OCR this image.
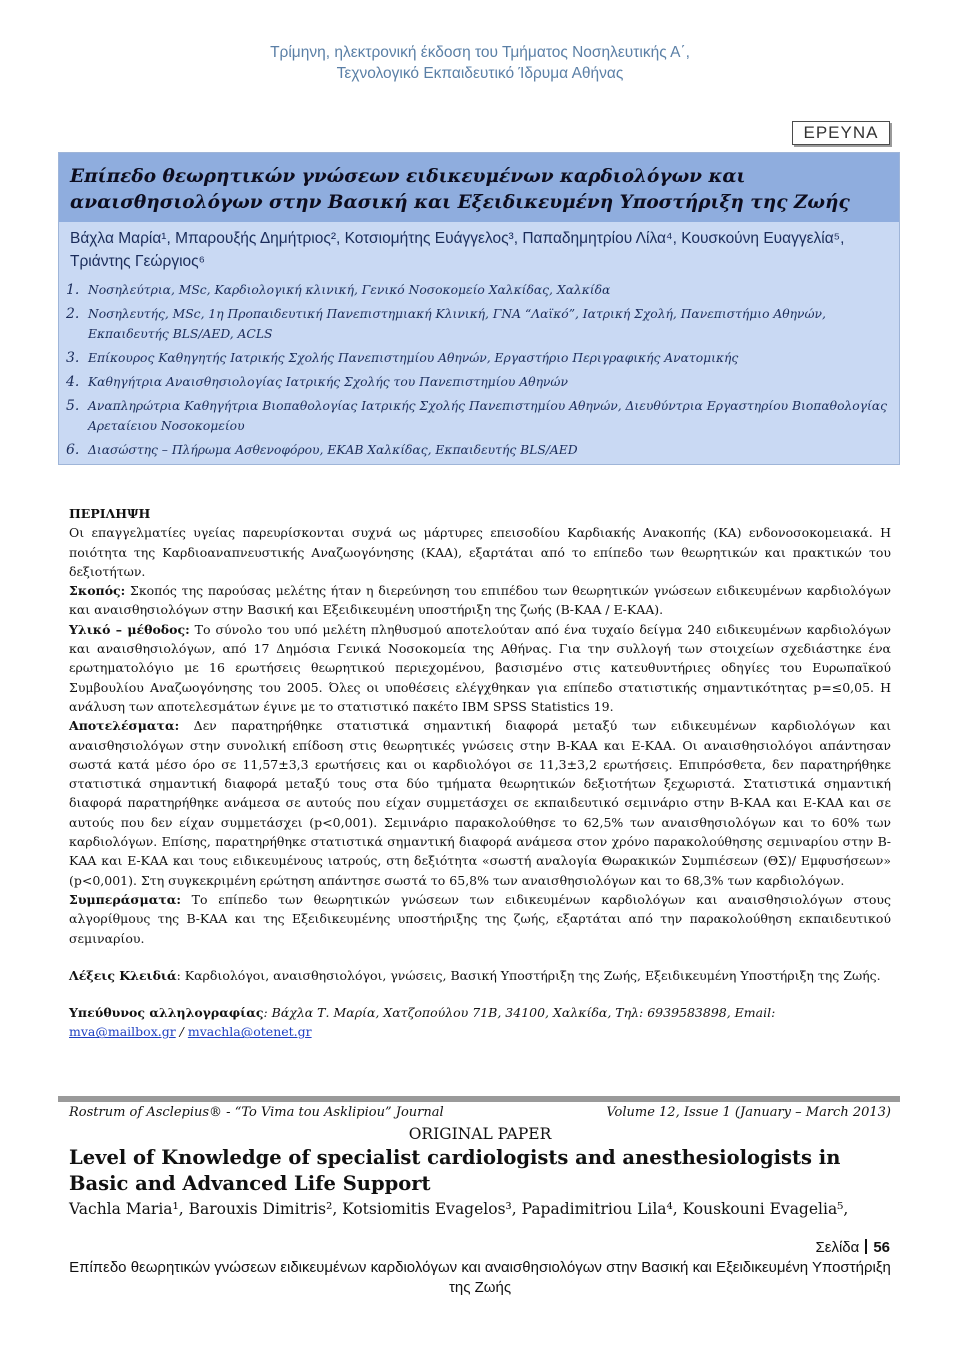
Τρίμηνη, ηλεκτρονική έκδοση του Τμήματος Νοσηλευτικής Α΄,
Τεχνολογικό Εκπαιδευτικό Ίδρυμα Αθήνας
ΕΡΕΥΝΑ
Επίπεδο θεωρητικών γνώσεων ειδικευμένων καρδιολόγων και αναισθησιολόγων στην Βασική και Εξειδικευμένη Υποστήριξη της Ζωής
Βάχλα Μαρία¹, Μπαρουξής Δημήτριος², Κοτσιομήτης Ευάγγελος³, Παπαδημητρίου Λίλα⁴, Κουσκούνη Ευαγγελία⁵, Τριάντης Γεώργιος⁶
1. Νοσηλεύτρια, MSc, Καρδιολογική κλινική, Γενικό Νοσοκομείο Χαλκίδας, Χαλκίδα
2. Νοσηλευτής, MSc, 1η Προπαιδευτική Πανεπιστημιακή Κλινική, ΓΝΑ “Λαϊκό”, Ιατρική Σχολή, Πανεπιστήμιο Αθηνών, Εκπαιδευτής BLS/AED, ACLS
3. Επίκουρος Καθηγητής Ιατρικής Σχολής Πανεπιστημίου Αθηνών, Εργαστήριο Περιγραφικής Ανατομικής
4. Καθηγήτρια Αναισθησιολογίας Ιατρικής Σχολής του Πανεπιστημίου Αθηνών
5. Αναπληρώτρια Καθηγήτρια Βιοπαθολογίας Ιατρικής Σχολής Πανεπιστημίου Αθηνών, Διευθύντρια Εργαστηρίου Βιοπαθολογίας Αρεταίειου Νοσοκομείου
6. Διασώστης – Πλήρωμα Ασθενοφόρου, ΕΚΑΒ Χαλκίδας, Εκπαιδευτής BLS/AED

ΠΕΡΙΛΗΨΗ

Οι επαγγελματίες υγείας παρευρίσκονται συχνά ως μάρτυρες επεισοδίου Καρδιακής Ανακοπής (ΚΑ) ενδονοσοκομειακά. Η ποιότητα της Καρδιοαναπνευστικής Αναζωογόνησης (ΚΑΑ), εξαρτάται από το επίπεδο των θεωρητικών και πρακτικών του δεξιοτήτων.

Σκοπός: Σκοπός της παρούσας μελέτης ήταν η διερεύνηση του επιπέδου των θεωρητικών γνώσεων ειδικευμένων καρδιολόγων και αναισθησιολόγων στην Βασική και Εξειδικευμένη υποστήριξη της ζωής (Β-ΚΑΑ / Ε-ΚΑΑ).

Υλικό – μέθοδος: Το σύνολο του υπό μελέτη πληθυσμού αποτελούταν από ένα τυχαίο δείγμα 240 ειδικευμένων καρδιολόγων και αναισθησιολόγων, από 17 Δημόσια Γενικά Νοσοκομεία της Αθήνας. Για την συλλογή των στοιχείων σχεδιάστηκε ένα ερωτηματολόγιο με 16 ερωτήσεις θεωρητικού περιεχομένου, βασισμένο στις κατευθυντήριες οδηγίες του Ευρωπαϊκού Συμβουλίου Αναζωογόνησης του 2005. Όλες οι υποθέσεις ελέγχθηκαν για επίπεδο στατιστικής σημαντικότητας p=≤0,05. Η ανάλυση των αποτελεσμάτων έγινε με το στατιστικό πακέτο IBM SPSS Statistics 19.

Αποτελέσματα: Δεν παρατηρήθηκε στατιστικά σημαντική διαφορά μεταξύ των ειδικευμένων καρδιολόγων και αναισθησιολόγων στην συνολική επίδοση στις θεωρητικές γνώσεις στην Β-ΚΑΑ και Ε-ΚΑΑ. Οι αναισθησιολόγοι απάντησαν σωστά κατά μέσο όρο σε 11,57±3,3 ερωτήσεις και οι καρδιολόγοι σε 11,3±3,2 ερωτήσεις. Επιπρόσθετα, δεν παρατηρήθηκε στατιστικά σημαντική διαφορά μεταξύ τους στα δύο τμήματα θεωρητικών δεξιοτήτων ξεχωριστά. Στατιστικά σημαντική διαφορά παρατηρήθηκε ανάμεσα σε αυτούς που είχαν συμμετάσχει σε εκπαιδευτικό σεμινάριο στην Β-ΚΑΑ και Ε-ΚΑΑ και σε αυτούς που δεν είχαν συμμετάσχει (p<0,001). Σεμινάριο παρακολούθησε το 62,5% των αναισθησιολόγων και το 60% των καρδιολόγων. Επίσης, παρατηρήθηκε στατιστικά σημαντική διαφορά ανάμεσα στον χρόνο παρακολούθησης σεμιναρίου στην Β-ΚΑΑ και Ε-ΚΑΑ και τους ειδικευμένους ιατρούς, στη δεξιότητα «σωστή αναλογία Θωρακικών Συμπιέσεων (ΘΣ)/ Εμφυσήσεων» (p<0,001). Στη συγκεκριμένη ερώτηση απάντησε σωστά το 65,8% των αναισθησιολόγων και το 68,3% των καρδιολόγων.

Συμπεράσματα: Το επίπεδο των θεωρητικών γνώσεων των ειδικευμένων καρδιολόγων και αναισθησιολόγων στους αλγορίθμους της Β-ΚΑΑ και της Εξειδικευμένης υποστήριξης της ζωής, εξαρτάται από την παρακολούθηση εκπαιδευτικού σεμιναρίου.

Λέξεις Κλειδιά: Καρδιολόγοι, αναισθησιολόγοι, γνώσεις, Βασική Υποστήριξη της Ζωής, Εξειδικευμένη Υποστήριξη της Ζωής.

Υπεύθυνος αλληλογραφίας: Βάχλα Τ. Μαρία, Χατζοπούλου 71Β, 34100, Χαλκίδα, Τηλ: 6939583898, Email:
mva@mailbox.gr / mvachla@otenet.gr

Rostrum of Asclepius® - “To Vima tou Asklipiou” Journal	Volume 12, Issue 1 (January – March 2013)
ORIGINAL PAPER
Level of Knowledge of specialist cardiologists and anesthesiologists in Basic and Advanced Life Support
Vachla Maria¹, Barouxis Dimitris², Kotsiomitis Evagelos³, Papadimitriou Lila⁴, Kouskouni Evagelia⁵,
Σελίδα 56
Επίπεδο θεωρητικών γνώσεων ειδικευμένων καρδιολόγων και αναισθησιολόγων στην Βασική και Εξειδικευμένη Υποστήριξη της Ζωής
